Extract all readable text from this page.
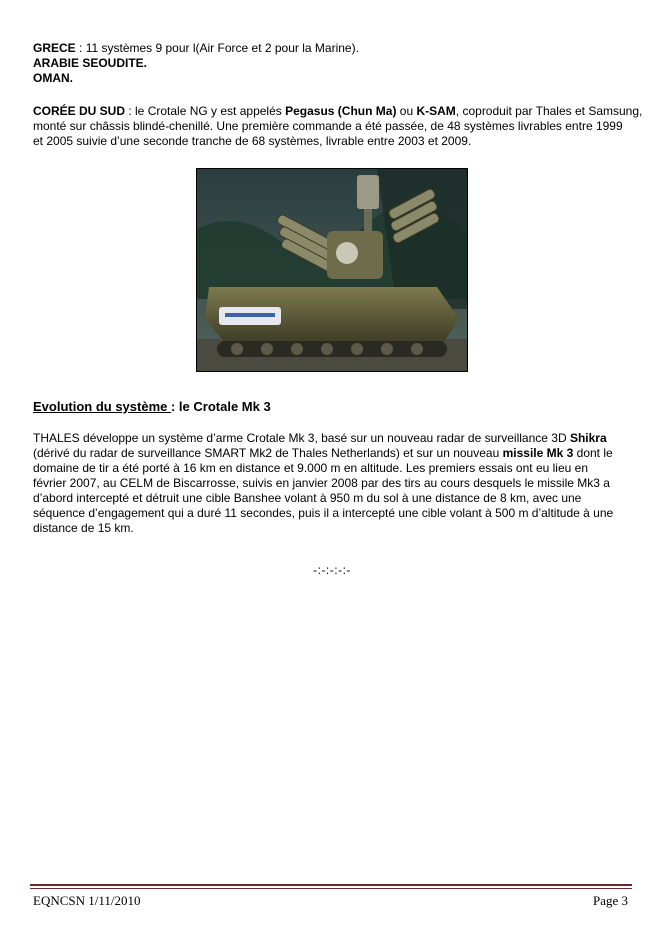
GRECE : 11 systèmes 9 pour l(Air Force et 2 pour la Marine).
ARABIE SEOUDITE.
OMAN.
CORÉE DU SUD : le Crotale NG y est appelés Pegasus (Chun Ma) ou K-SAM, coproduit par Thales et Samsung,
monté sur châssis blindé-chenillé. Une première commande a été passée, de 48 systèmes livrables entre 1999
et 2005 suivie d’une seconde tranche de 68 systèmes, livrable entre 2003 et 2009.
Evolution du système : le Crotale Mk 3
THALES développe un système d’arme Crotale Mk 3, basé sur un nouveau radar de surveillance 3D Shikra
(dérivé du radar de surveillance SMART Mk2 de Thales Netherlands) et sur un nouveau missile Mk 3 dont le
domaine de tir a été porté à 16 km en distance et 9.000 m en altitude. Les premiers essais ont eu lieu en
février 2007, au CELM de Biscarrosse, suivis en janvier 2008 par des tirs au cours desquels le missile Mk3 a
d’abord intercepté et détruit une cible Banshee volant à 950 m du sol à une distance de 8 km, avec une
séquence d’engagement qui a duré 11 secondes, puis il a intercepté une cible volant à 500 m d’altitude à une
distance de 15 km.
-:-:-:-:-
EQNCSN 1/11/2010	Page 3
